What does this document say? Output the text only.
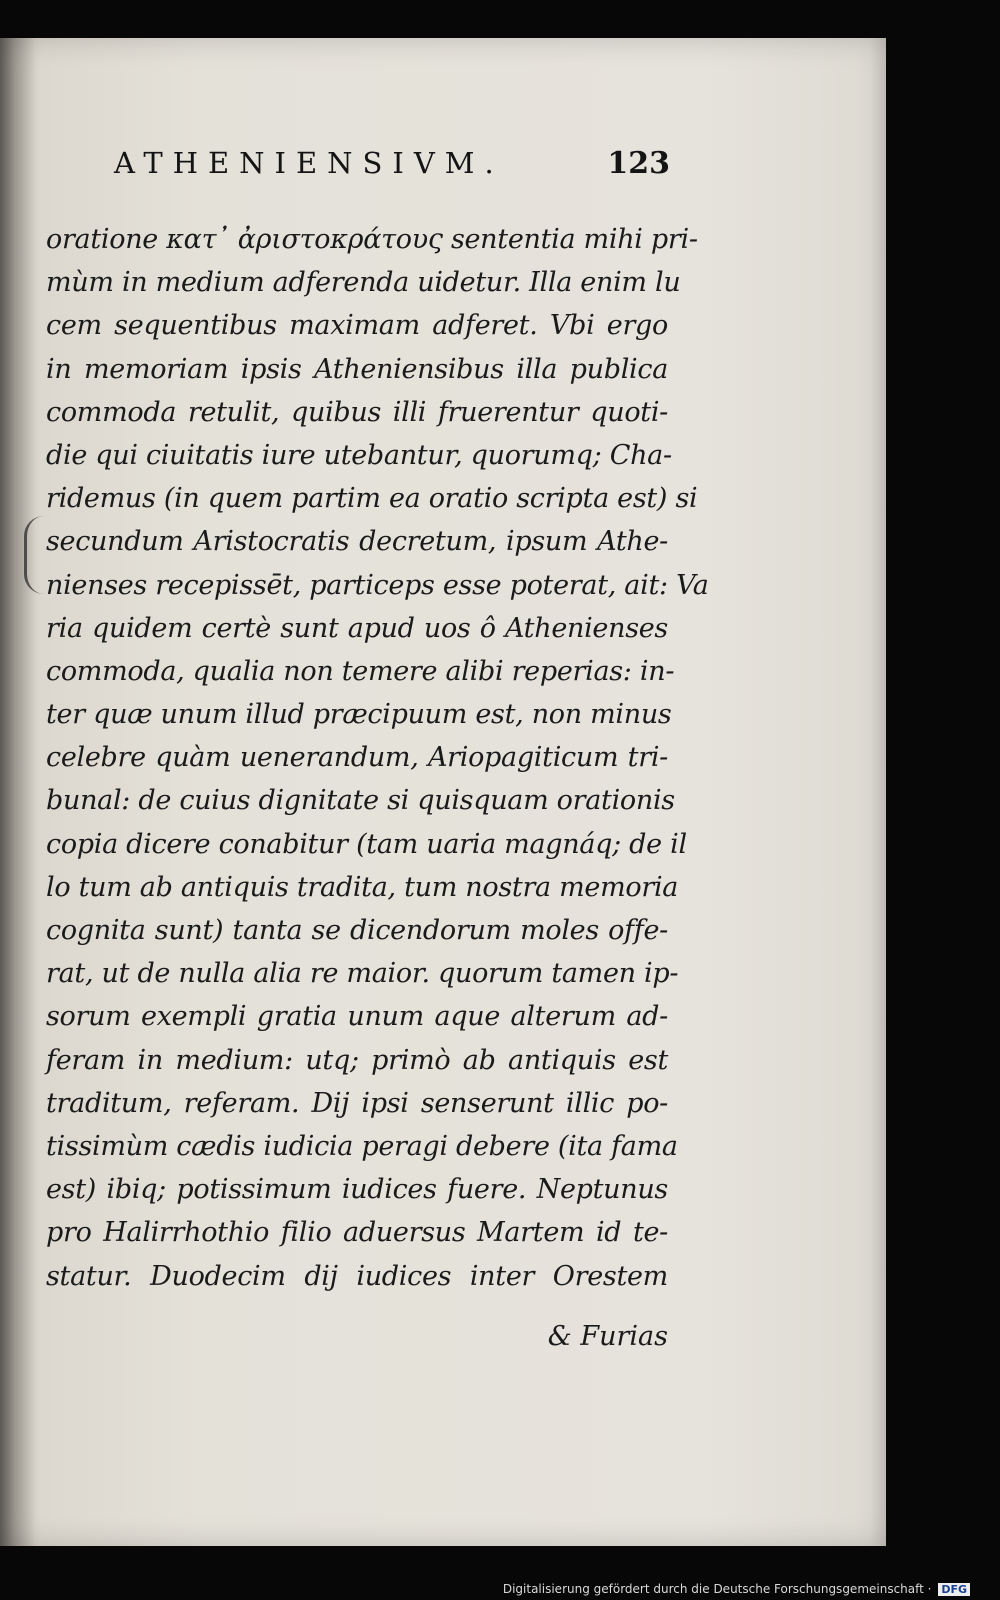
ATHENIENSIVM.	123
oratione κατ᾽ ἀριστοκράτους sententia mihi pri-
mùm in medium adferenda uidetur. Illa enim lu
cem sequentibus maximam adferet. Vbi ergo
in memoriam ipsis Atheniensibus illa publica
commoda retulit, quibus illi fruerentur quoti-
die qui ciuitatis iure utebantur, quorumq; Cha-
ridemus (in quem partim ea oratio scripta est) si
secundum Aristocratis decretum, ipsum Athe-
nienses recepissēt, particeps esse poterat, ait: Va
ria quidem certè sunt apud uos ô Athenienses
commoda, qualia non temere alibi reperias: in-
ter quæ unum illud præcipuum est, non minus
celebre quàm uenerandum, Ariopagiticum tri-
bunal: de cuius dignitate si quisquam orationis
copia dicere conabitur (tam uaria magnáq; de il
lo tum ab antiquis tradita, tum nostra memoria
cognita sunt) tanta se dicendorum moles offe-
rat, ut de nulla alia re maior. quorum tamen ip-
sorum exempli gratia unum aque alterum ad-
feram in medium: utq; primò ab antiquis est
traditum, referam. Dij ipsi senserunt illic po-
tissimùm cædis iudicia peragi debere (ita fama
est) ibiq; potissimum iudices fuere. Neptunus
pro Halirrhothio filio aduersus Martem id te-
statur. Duodecim dij iudices inter Orestem
& Furias
Digitalisierung gefördert durch die Deutsche Forschungsgemeinschaft · DFG
